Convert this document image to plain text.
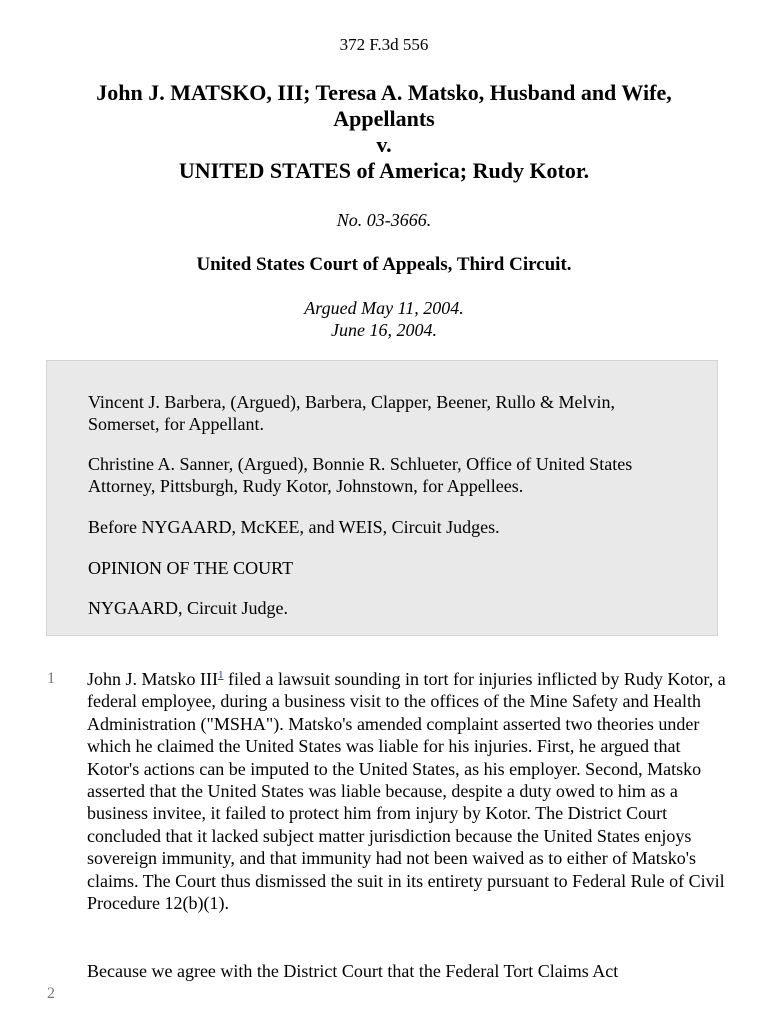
372 F.3d 556
John J. MATSKO, III; Teresa A. Matsko, Husband and Wife,
Appellants
v.
UNITED STATES of America; Rudy Kotor.
No. 03-3666.
United States Court of Appeals, Third Circuit.
Argued May 11, 2004.
June 16, 2004.

Vincent J. Barbera, (Argued), Barbera, Clapper, Beener, Rullo & Melvin, Somerset, for Appellant.

Christine A. Sanner, (Argued), Bonnie R. Schlueter, Office of United States Attorney, Pittsburgh, Rudy Kotor, Johnstown, for Appellees.

Before NYGAARD, McKEE, and WEIS, Circuit Judges.

OPINION OF THE COURT

NYGAARD, Circuit Judge.

1 John J. Matsko III$^1$ filed a lawsuit sounding in tort for injuries inflicted by Rudy Kotor, a federal employee, during a business visit to the offices of the Mine Safety and Health Administration ("MSHA"). Matsko's amended complaint asserted two theories under which he claimed the United States was liable for his injuries. First, he argued that Kotor's actions can be imputed to the United States, as his employer. Second, Matsko asserted that the United States was liable because, despite a duty owed to him as a business invitee, it failed to protect him from injury by Kotor. The District Court concluded that it lacked subject matter jurisdiction because the United States enjoys sovereign immunity, and that immunity had not been waived as to either of Matsko's claims. The Court thus dismissed the suit in its entirety pursuant to Federal Rule of Civil Procedure 12(b)(1).

2

Because we agree with the District Court that the Federal Tort Claims Act
